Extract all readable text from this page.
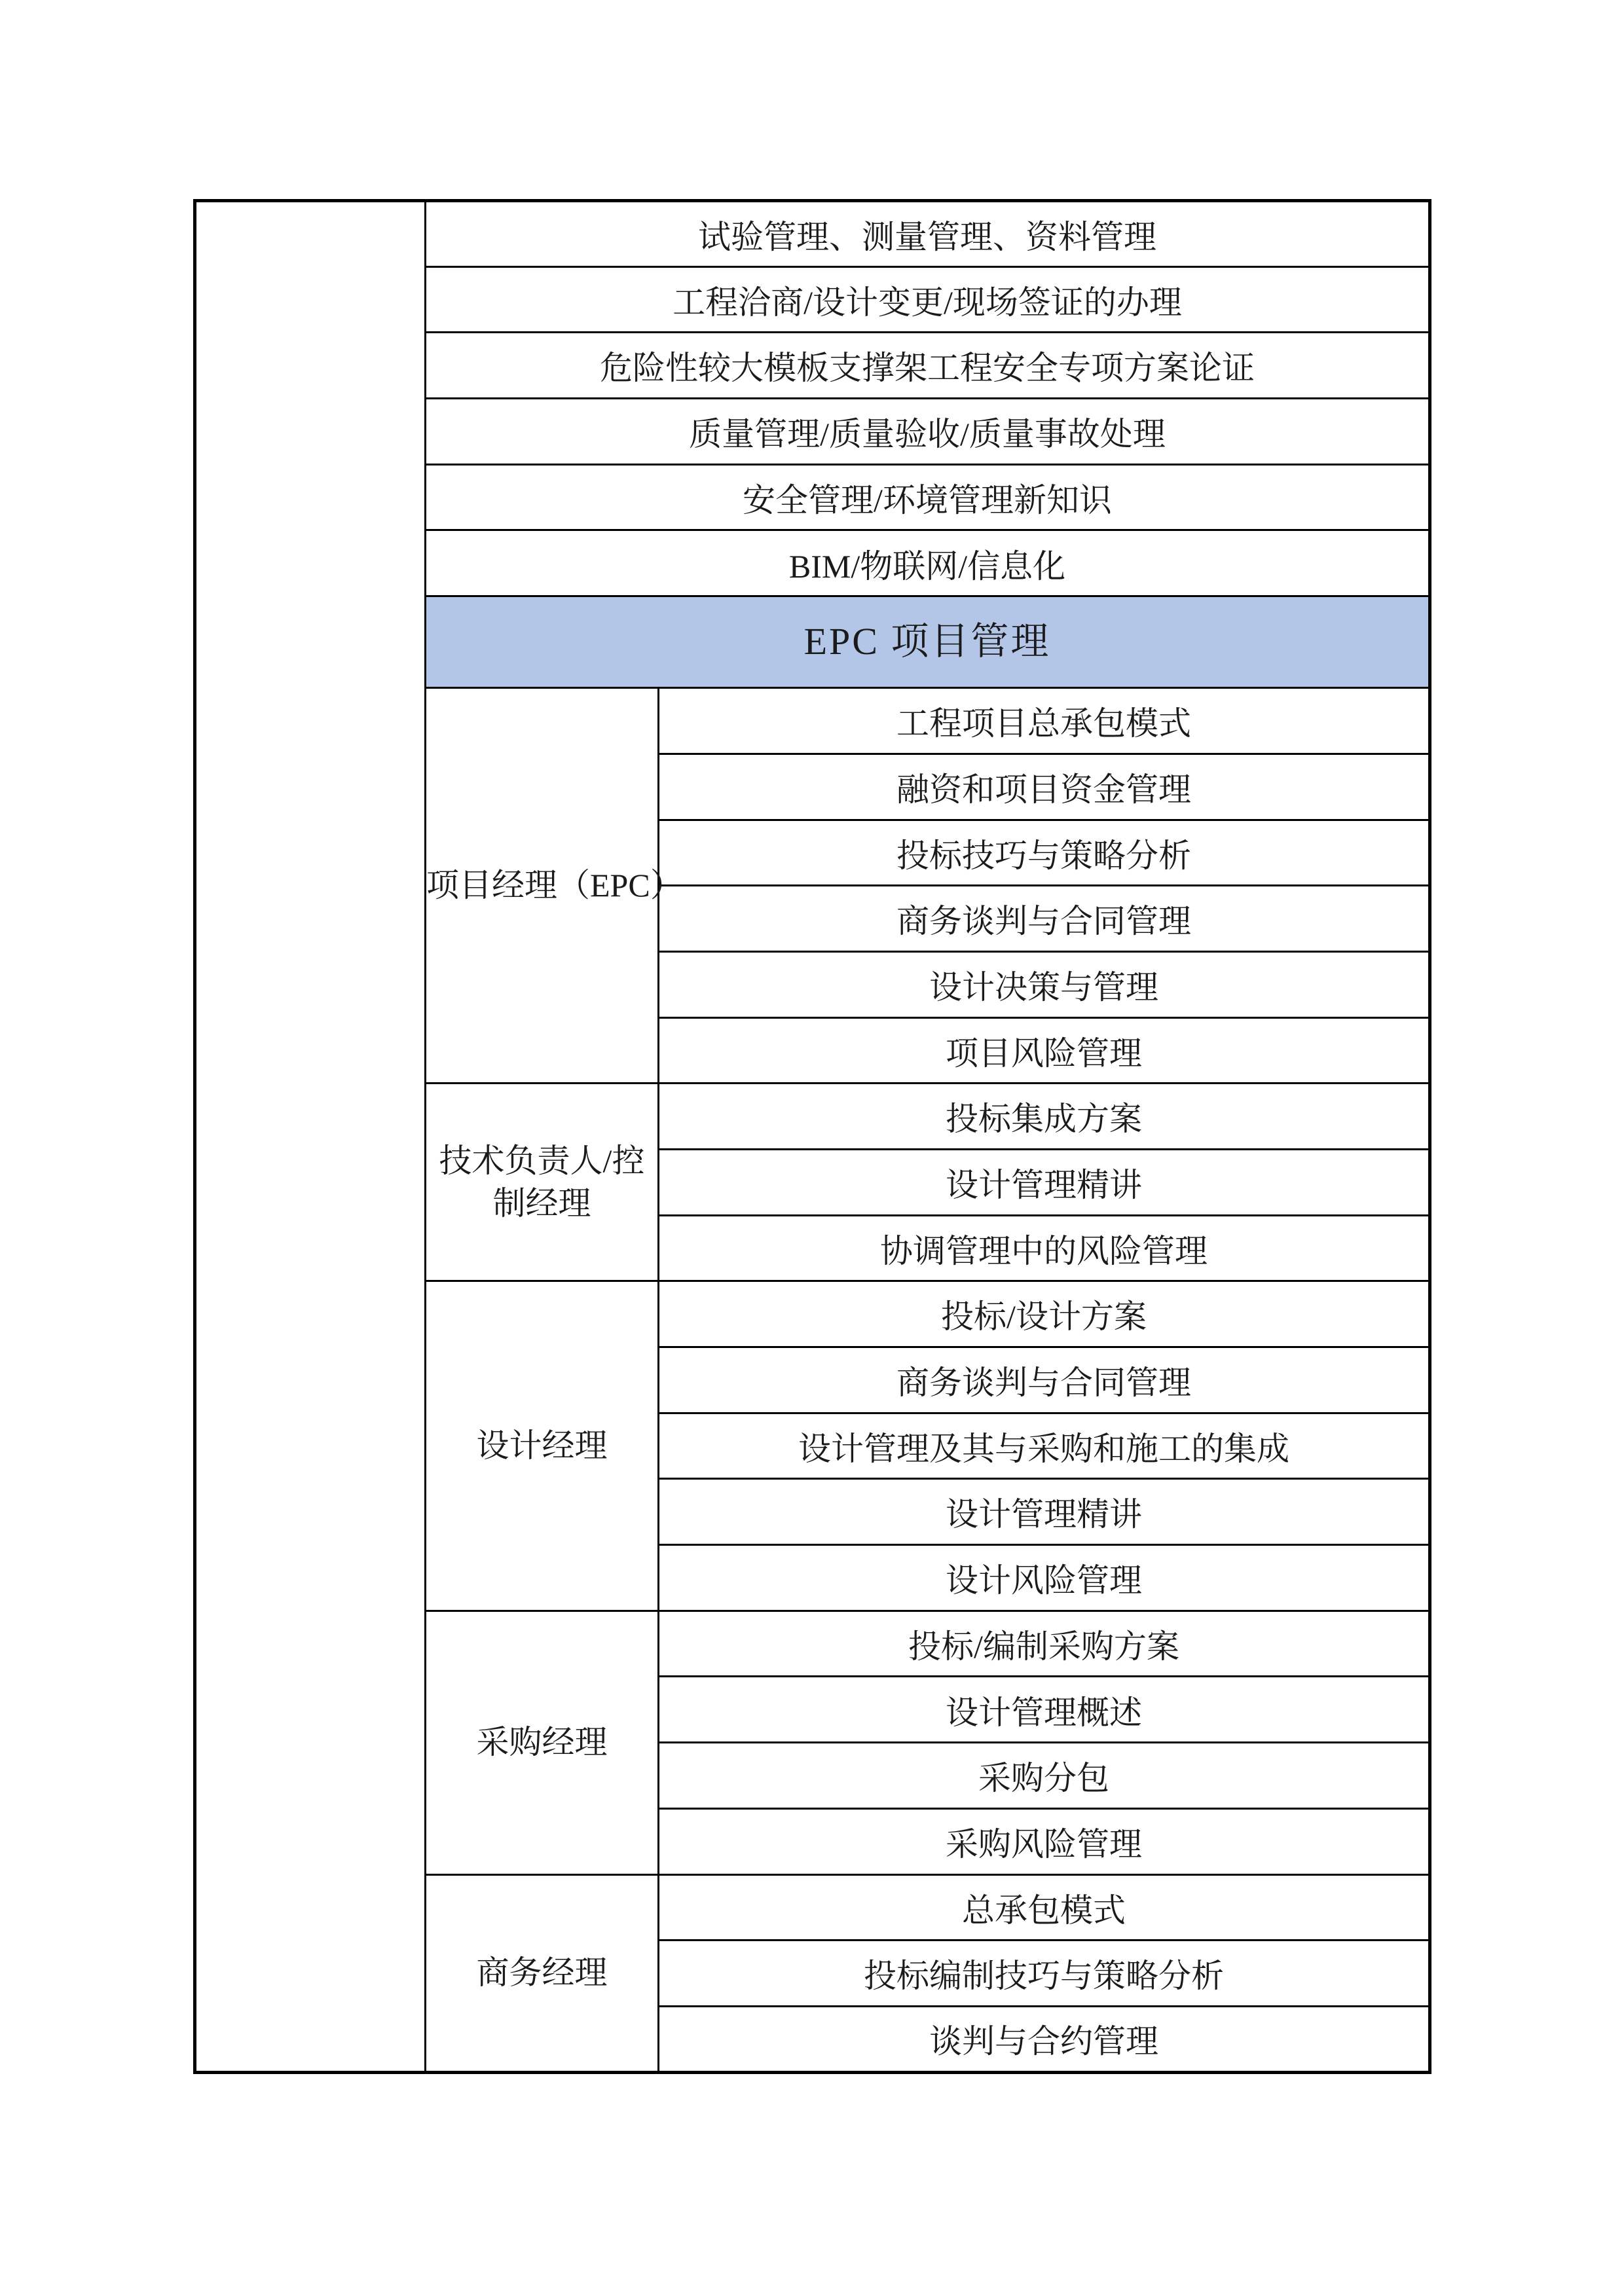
	试验管理、测量管理、资料管理	
	工程洽商/设计变更/现场签证的办理	
	危险性较大模板支撑架工程安全专项方案论证	
	质量管理/质量验收/质量事故处理	
	安全管理/环境管理新知识	
	BIM/物联网/信息化	
	EPC 项目管理	
	项目经理（EPC）	工程项目总承包模式
		融资和项目资金管理
		投标技巧与策略分析
		商务谈判与合同管理
		设计决策与管理
		项目风险管理
	技术负责人/控制经理	投标集成方案
		设计管理精讲
		协调管理中的风险管理
	设计经理	投标/设计方案
		商务谈判与合同管理
		设计管理及其与采购和施工的集成
		设计管理精讲
		设计风险管理
	采购经理	投标/编制采购方案
		设计管理概述
		采购分包
		采购风险管理
	商务经理	总承包模式
		投标编制技巧与策略分析
		谈判与合约管理
